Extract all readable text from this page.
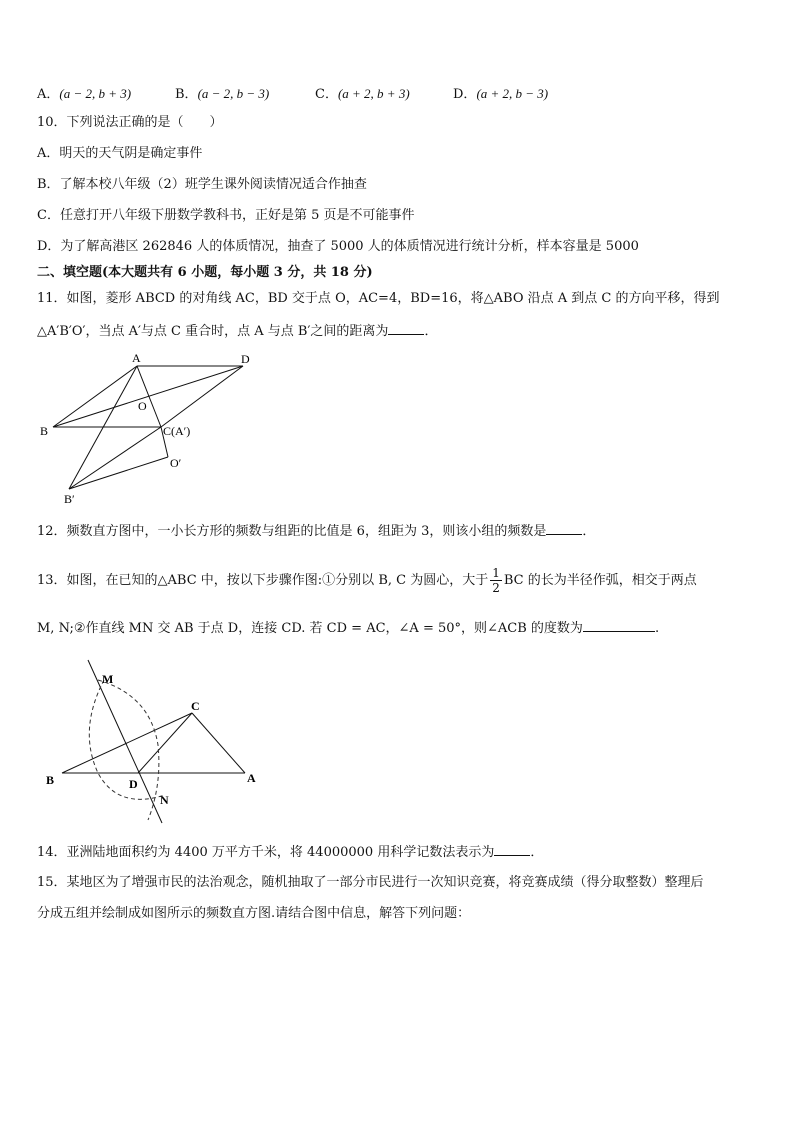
A．(a − 2, b + 3)	B．(a − 2, b − 3)	C．(a + 2, b + 3)	D．(a + 2, b − 3)
10．下列说法正确的是（　　）
A．明天的天气阴是确定事件
B．了解本校八年级（2）班学生课外阅读情况适合作抽查
C．任意打开八年级下册数学教科书，正好是第 5 页是不可能事件
D．为了解高港区 262846 人的体质情况，抽查了 5000 人的体质情况进行统计分析，样本容量是 5000
二、填空题(本大题共有 6 小题，每小题 3 分，共 18 分)
11．如图，菱形 ABCD 的对角线 AC，BD 交于点 O，AC=4，BD=16，将△ABO 沿点 A 到点 C 的方向平移，得到
△A′B′O′，当点 A′与点 C 重合时，点 A 与点 B′之间的距离为	．
A	D
O
B	C(A′)
O′
B′
12．频数直方图中，一小长方形的频数与组距的比值是 6，组距为 3，则该小组的频数是	．
13．如图，在已知的△ABC 中，按以下步骤作图:①分别以 B, C 为圆心，大于 $\frac{1}{2}$ BC 的长为半径作弧，相交于两点
M, N;②作直线 MN 交 AB 于点 D，连接 CD. 若 CD = AC，∠A = 50°，则∠ACB 的度数为	.
M
C
B	D	A
N
14．亚洲陆地面积约为 4400 万平方千米，将 44000000 用科学记数法表示为	．
15．某地区为了增强市民的法治观念，随机抽取了一部分市民进行一次知识竞赛，将竞赛成绩（得分取整数）整理后
分成五组并绘制成如图所示的频数直方图.请结合图中信息，解答下列问题：
